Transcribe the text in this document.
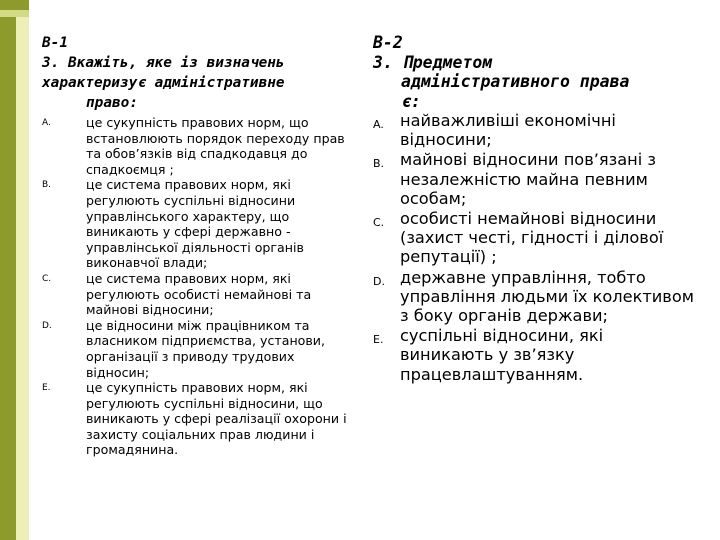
В-1

3. Вкажіть, яке із визначень
характеризує адміністративне
право:

A.	це сукупність правових норм, що встановлюють порядок переходу прав та обов’язків від спадкодавця до спадкоємця ;
B.	це система правових норм, які регулюють суспільні відносини управлінського характеру, що виникають у сфері державно - управлінської діяльності органів виконавчої влади;
C.	це система правових норм, які регулюють особисті немайнові та майнові відносини;
D.	це відносини між працівником та власником підприємства, установи, організації з приводу трудових відносин;
E.	це сукупність правових норм, які регулюють суспільні відносини, що виникають у сфері реалізації охорони і захисту соціальних прав людини і громадянина.

В-2

3. Предметом
адміністративного права
є:

A. найважливіші економічні відносини;
B. майнові відносини пов’язані з незалежністю майна певним особам;
C. особисті немайнові відносини (захист честі, гідності і ділової репутації) ;
D. державне управління, тобто управління людьми їх колективом з боку органів держави;
E.	суспільні відносини, які виникають у зв’язку працевлаштуванням.
